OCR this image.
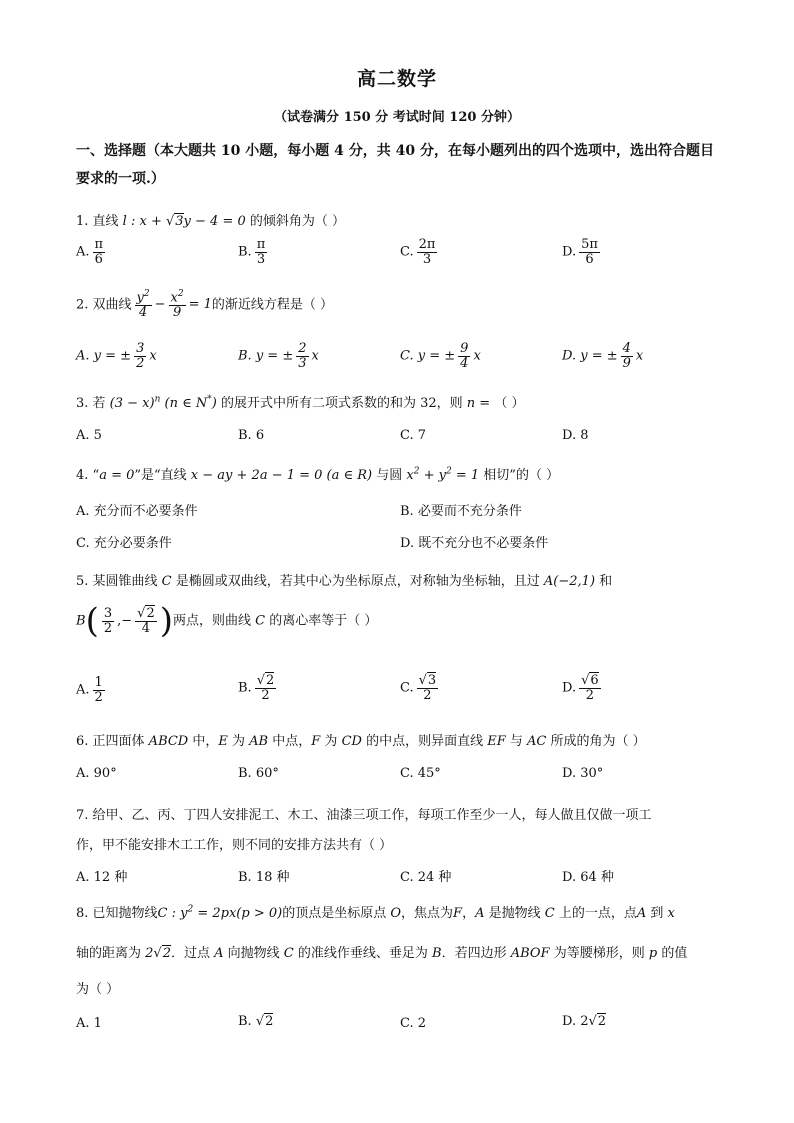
高二数学
（试卷满分 150 分 考试时间 120 分钟）
一、选择题（本大题共 10 小题，每小题 4 分，共 40 分，在每小题列出的四个选项中，选出符合题目要求的一项.）
1. 直线 l : x + √3y − 4 = 0 的倾斜角为（ ）
A. $\frac{\pi}{6}$	B. $\frac{\pi}{3}$	C. $\frac{2\pi}{3}$	D. $\frac{5\pi}{6}$
2. 双曲线 $\frac{y^2}{4} - \frac{x^2}{9} = 1$的渐近线方程是（ ）
A. y = ± $\frac{3}{2}$ x	B. y = ± $\frac{2}{3}$ x	C. y = ± $\frac{9}{4}$ x	D. y = ± $\frac{4}{9}$ x
3. 若 $(3 - x)^n$ (n ∈ N*) 的展开式中所有二项式系数的和为 32，则 n = （ ）
A. 5	B. 6	C. 7	D. 8
4. “a = 0”是“直线 x − ay + 2a − 1 = 0 (a ∈ R) 与圆 $x^2 + y^2 = 1$ 相切”的（ ）
A. 充分而不必要条件	B. 必要而不充分条件
C. 充分必要条件	D. 既不充分也不必要条件
5. 某圆锥曲线 C 是椭圆或双曲线，若其中心为坐标原点，对称轴为坐标轴，且过 A(−2,1) 和
$B( \frac{3}{2}$ ,− $\frac{√2}{4}$ )两点，则曲线 C 的离心率等于（ ）
A. $\frac{1}{2}$	B. $\frac{√2}{2}$	C. $\frac{√3}{2}$	D. $\frac{√6}{2}$
6. 正四面体 ABCD 中，E 为 AB 中点，F 为 CD 的中点，则异面直线 EF 与 AC 所成的角为（ ）
A. 90°	B. 60°	C. 45°	D. 30°
7. 给甲、乙、丙、丁四人安排泥工、木工、油漆三项工作，每项工作至少一人，每人做且仅做一项工
作，甲不能安排木工工作，则不同的安排方法共有（ ）
A. 12 种	B. 18 种	C. 24 种	D. 64 种
8. 已知抛物线C : $y^2 = 2px(p > 0)$的顶点是坐标原点 O，焦点为F，A 是抛物线 C 上的一点，点A 到 x
轴的距离为 2√2．过点 A 向抛物线 C 的准线作垂线、垂足为 B．若四边形 ABOF 为等腰梯形，则 p 的值
为（ ）
A. 1	B. √2	C. 2	D. 2√2
